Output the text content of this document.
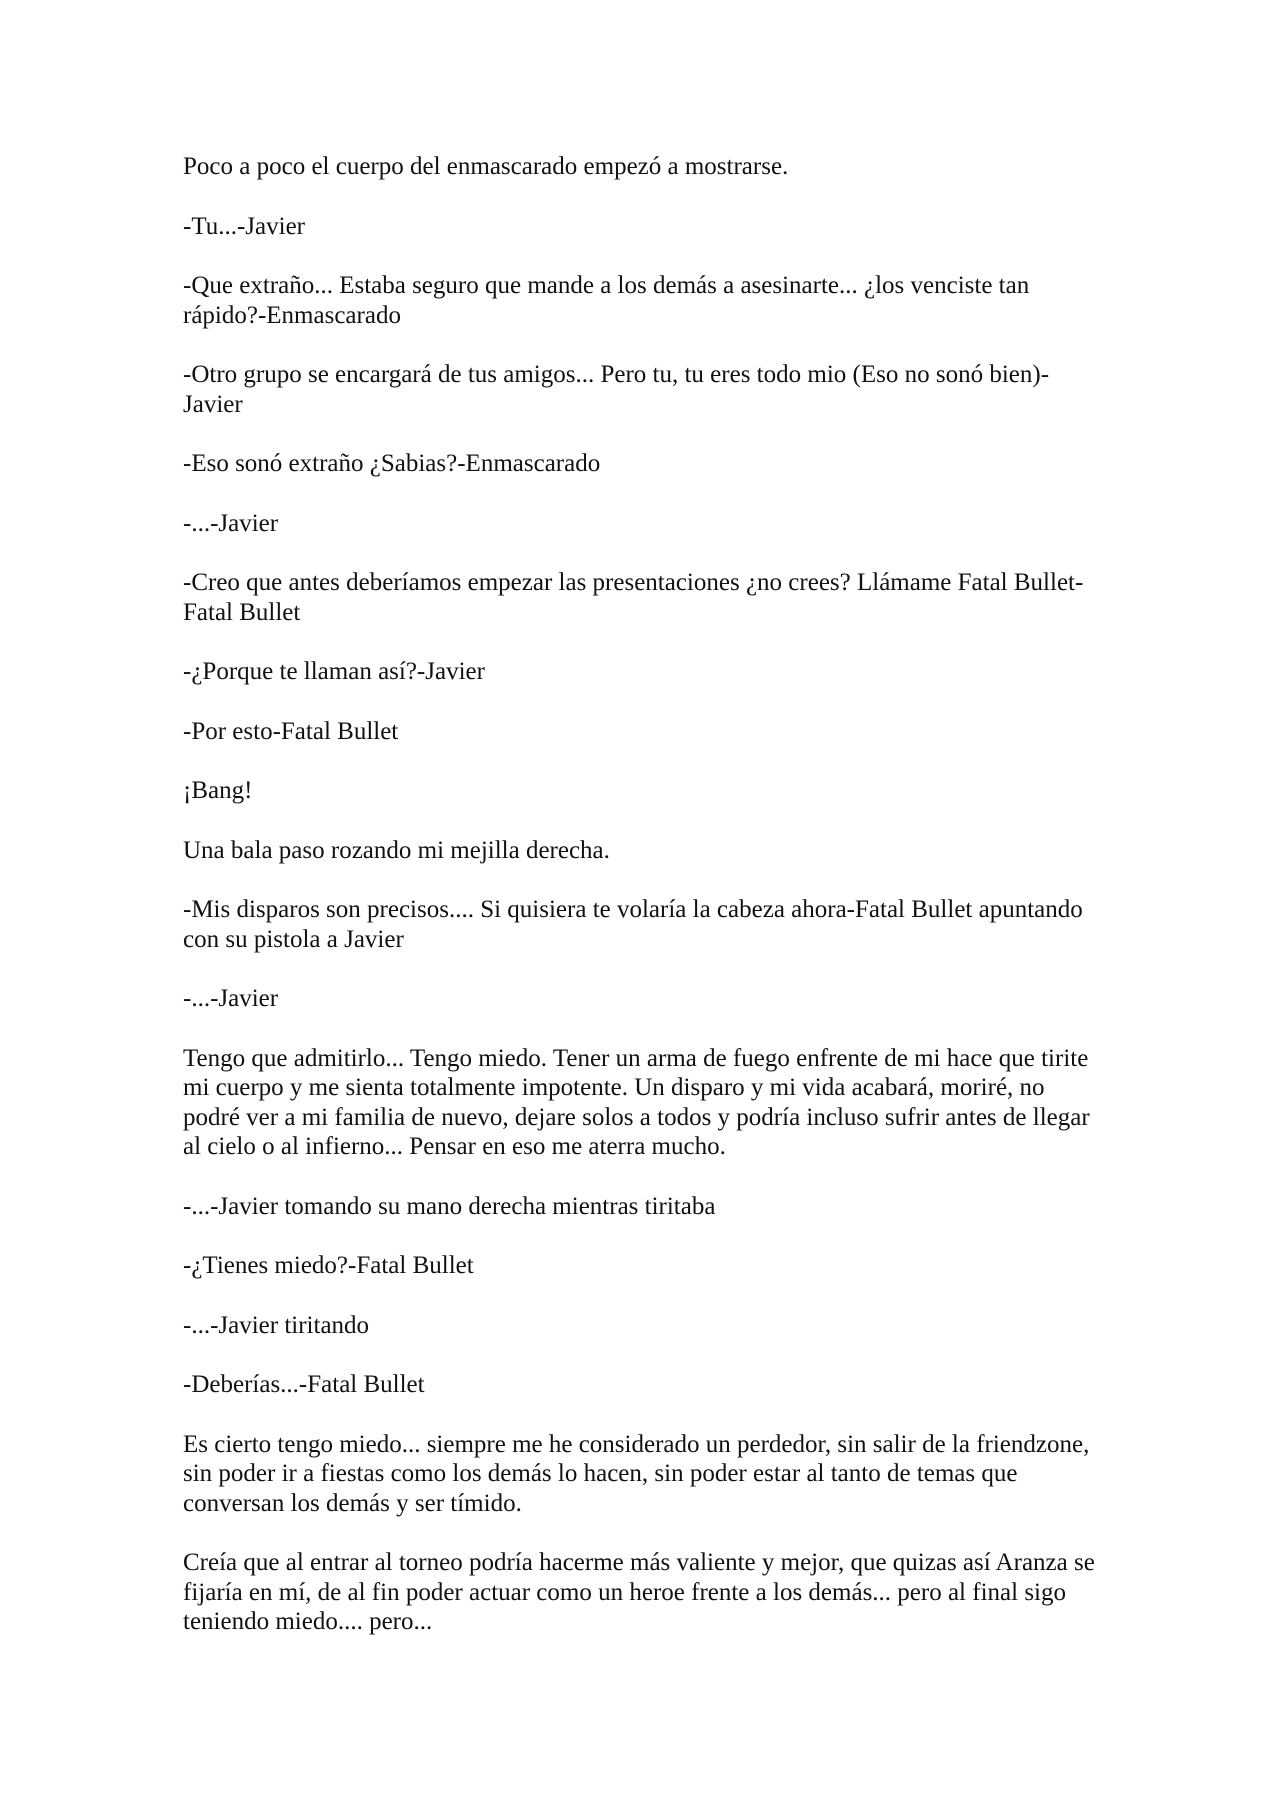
Poco a poco el cuerpo del enmascarado empezó a mostrarse.

-Tu...-Javier

-Que extraño... Estaba seguro que mande a los demás a asesinarte... ¿los venciste tan rápido?-Enmascarado

-Otro grupo se encargará de tus amigos... Pero tu, tu eres todo mio (Eso no sonó bien)-Javier

-Eso sonó extraño ¿Sabias?-Enmascarado

-...-Javier

-Creo que antes deberíamos empezar las presentaciones ¿no crees? Llámame Fatal Bullet-Fatal Bullet

-¿Porque te llaman así?-Javier

-Por esto-Fatal Bullet

¡Bang!

Una bala paso rozando mi mejilla derecha.

-Mis disparos son precisos.... Si quisiera te volaría la cabeza ahora-Fatal Bullet apuntando con su pistola a Javier

-...-Javier

Tengo que admitirlo... Tengo miedo. Tener un arma de fuego enfrente de mi hace que tirite mi cuerpo y me sienta totalmente impotente. Un disparo y mi vida acabará, moriré, no podré ver a mi familia de nuevo, dejare solos a todos y podría incluso sufrir antes de llegar al cielo o al infierno... Pensar en eso me aterra mucho.

-...-Javier tomando su mano derecha mientras tiritaba

-¿Tienes miedo?-Fatal Bullet

-...-Javier tiritando

-Deberías...-Fatal Bullet

Es cierto tengo miedo... siempre me he considerado un perdedor, sin salir de la friendzone, sin poder ir a fiestas como los demás lo hacen, sin poder estar al tanto de temas que conversan los demás y ser tímido.

Creía que al entrar al torneo podría hacerme más valiente y mejor, que quizas así Aranza se fijaría en mí, de al fin poder actuar como un heroe frente a los demás... pero al final sigo teniendo miedo.... pero...
